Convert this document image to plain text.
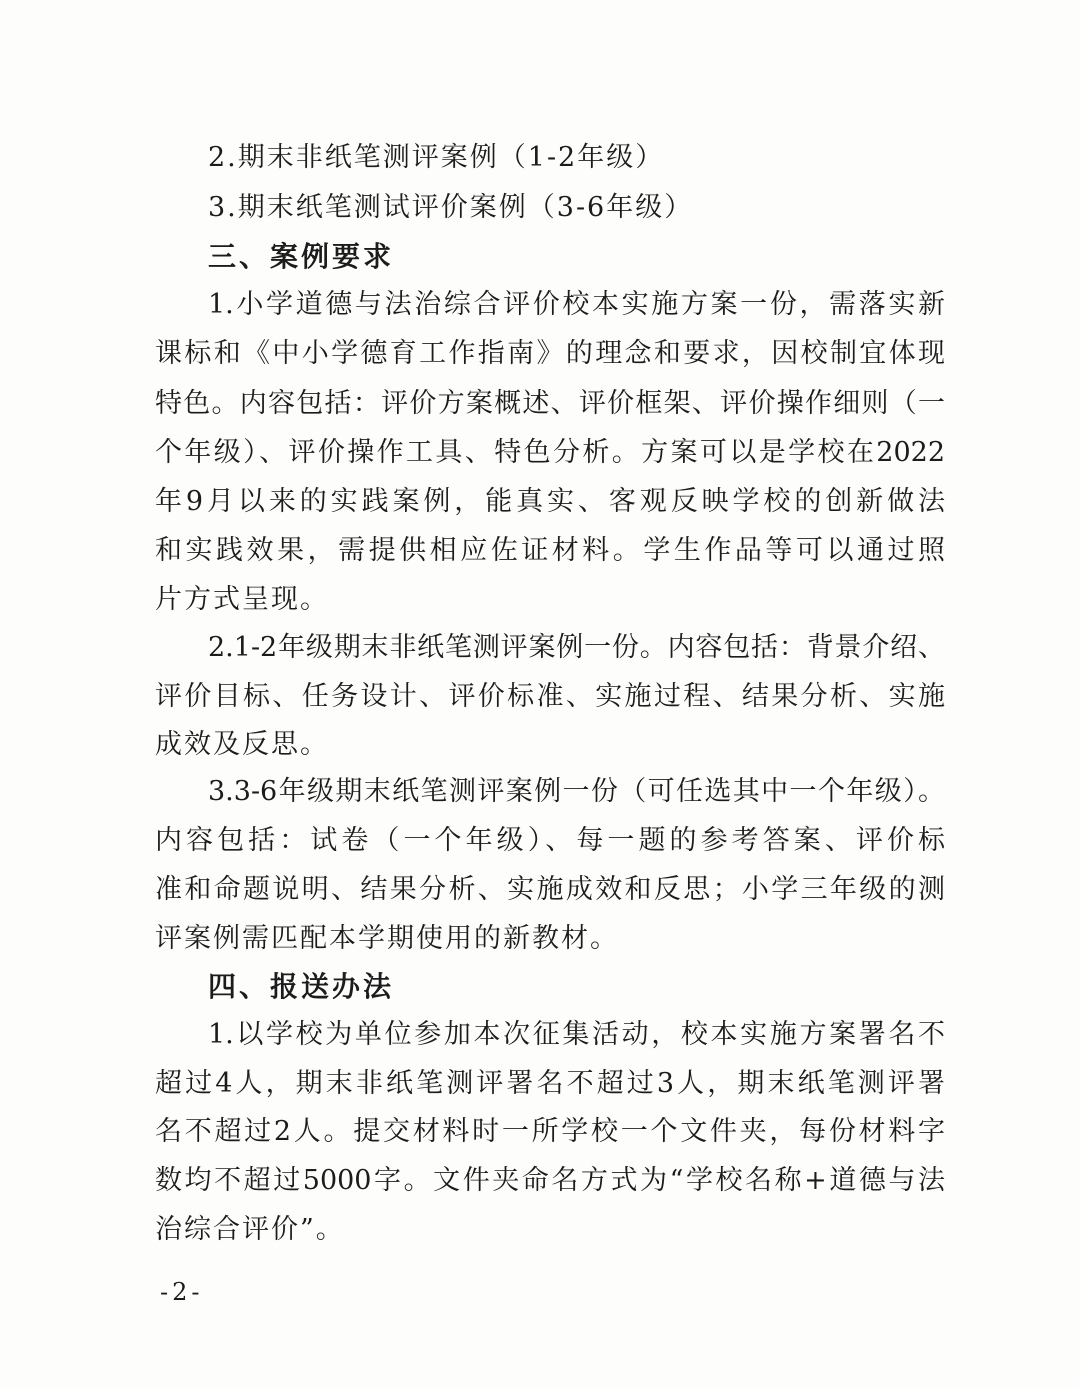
2.期末非纸笔测评案例（1-2年级）
3.期末纸笔测试评价案例（3-6年级）
三、案例要求
1.小学道德与法治综合评价校本实施方案一份，需落实新
课标和《中小学德育工作指南》的理念和要求，因校制宜体现
特色。内容包括：评价方案概述、评价框架、评价操作细则（一
个年级）、评价操作工具、特色分析。方案可以是学校在2022
年9月以来的实践案例，能真实、客观反映学校的创新做法
和实践效果，需提供相应佐证材料。学生作品等可以通过照
片方式呈现。
2.1-2年级期末非纸笔测评案例一份。内容包括：背景介绍、
评价目标、任务设计、评价标准、实施过程、结果分析、实施
成效及反思。
3.3-6年级期末纸笔测评案例一份（可任选其中一个年级）。
内容包括：试卷（一个年级）、每一题的参考答案、评价标
准和命题说明、结果分析、实施成效和反思；小学三年级的测
评案例需匹配本学期使用的新教材。
四、报送办法
1.以学校为单位参加本次征集活动，校本实施方案署名不
超过4人，期末非纸笔测评署名不超过3人，期末纸笔测评署
名不超过2人。提交材料时一所学校一个文件夹，每份材料字
数均不超过5000字。文件夹命名方式为“学校名称+道德与法
治综合评价”。
-2-
